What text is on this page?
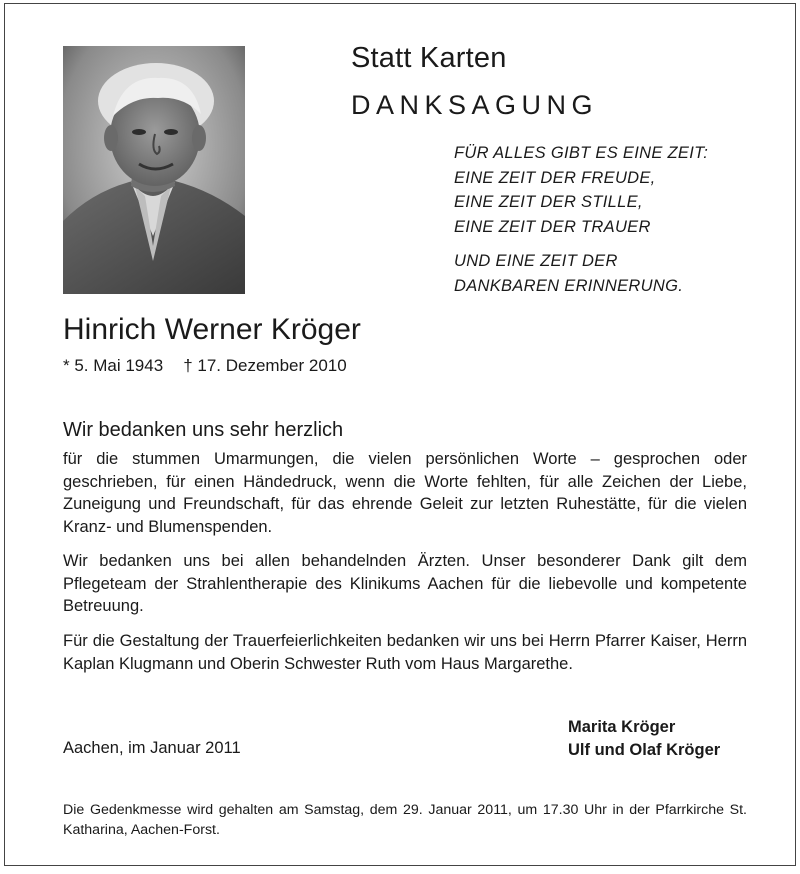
Statt Karten
DANKSAGUNG
FÜR ALLES GIBT ES EINE ZEIT:
EINE ZEIT DER FREUDE,
EINE ZEIT DER STILLE,
EINE ZEIT DER TRAUER
UND EINE ZEIT DER
DANKBAREN ERINNERUNG.
Hinrich Werner Kröger
* 5. Mai 1943 † 17. Dezember 2010
Wir bedanken uns sehr herzlich

für die stummen Umarmungen, die vielen persönlichen Worte – gesprochen oder geschrieben, für einen Händedruck, wenn die Worte fehlten, für alle Zeichen der Liebe, Zuneigung und Freundschaft, für das ehrende Geleit zur letzten Ruhestätte, für die vielen Kranz- und Blumenspenden.

Wir bedanken uns bei allen behandelnden Ärzten. Unser besonderer Dank gilt dem Pflegeteam der Strahlentherapie des Klinikums Aachen für die liebevolle und kompetente Betreuung.

Für die Gestaltung der Trauerfeierlichkeiten bedanken wir uns bei Herrn Pfarrer Kaiser, Herrn Kaplan Klugmann und Oberin Schwester Ruth vom Haus Margarethe.

Marita Kröger
Ulf und Olaf Kröger
Aachen, im Januar 2011

Die Gedenkmesse wird gehalten am Samstag, dem 29. Januar 2011, um 17.30 Uhr in der Pfarrkirche St. Katharina, Aachen-Forst.
